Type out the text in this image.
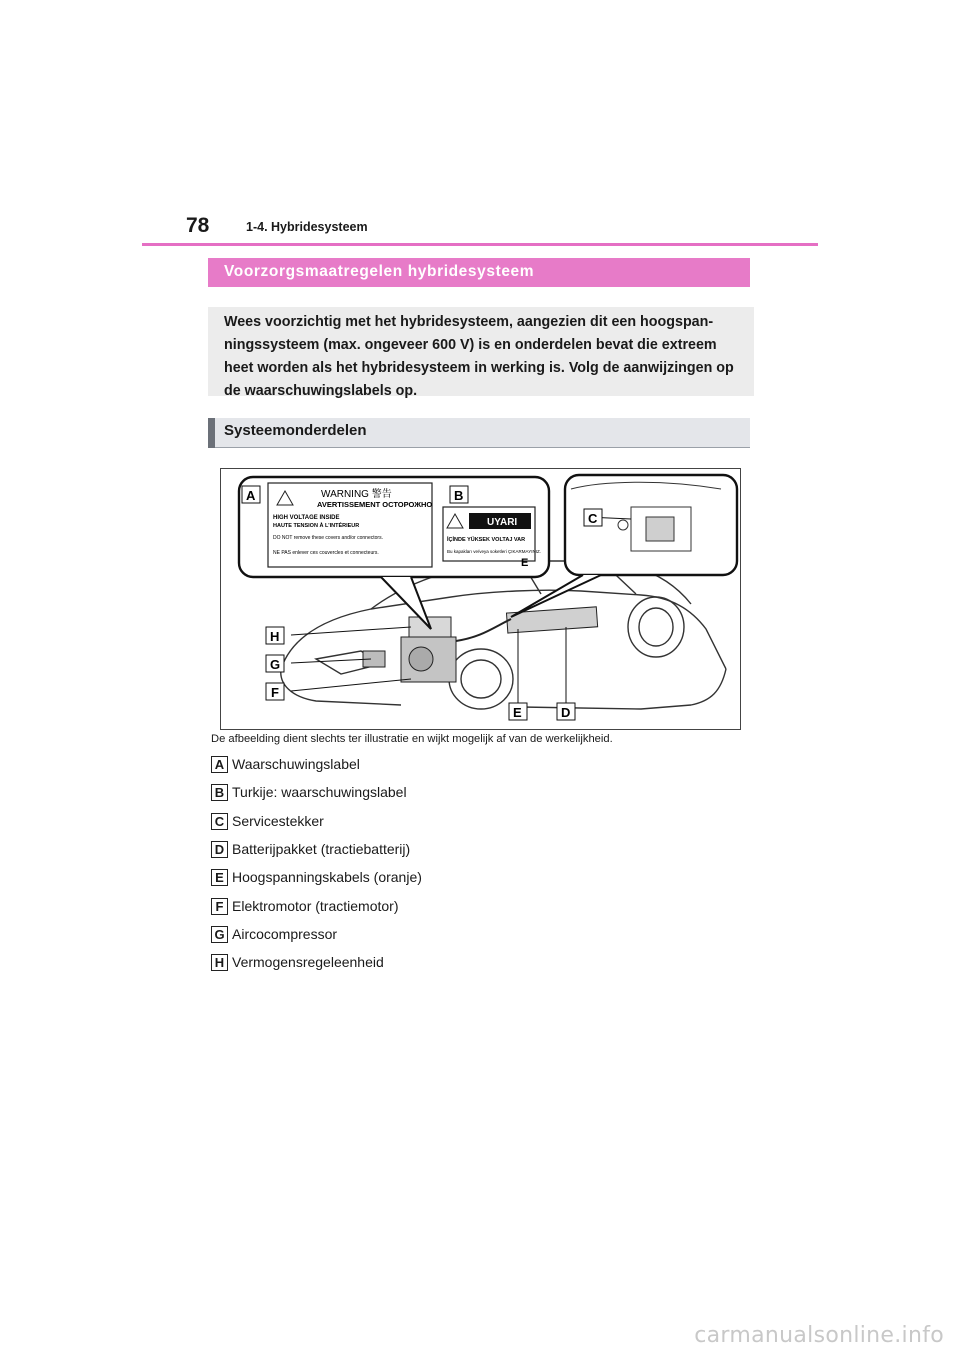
78	1-4. Hybridesysteem
Voorzorgsmaatregelen hybridesysteem

Wees voorzichtig met het hybridesysteem, aangezien dit een hoogspan-ningssysteem (max. ongeveer 600 V) is en onderdelen bevat die extreem heet worden als het hybridesysteem in werking is. Volg de aanwijzingen op de waarschuwingslabels op.

Systeemonderdelen
WARNING 警告
AVERTISSEMENT ОСТОРОЖНО
HIGH VOLTAGE INSIDE
HAUTE TENSION À L'INTÉRIEUR
DO NOT remove these covers and/or connectors.
NE PAS enlever ces couvercles et connecteurs.
UYARI
İÇİNDE YÜKSEK VOLTAJ VAR
Bu kapakları ve/veya soketleri ÇIKARMAYINIZ.
A	B
C
D
E
E
F
G
H
De afbeelding dient slechts ter illustratie en wijkt mogelijk af van de werkelijkheid.
A Waarschuwingslabel
B Turkije: waarschuwingslabel
C Servicestekker
D Batterijpakket (tractiebatterij)
E Hoogspanningskabels (oranje)
F Elektromotor (tractiemotor)
G Aircocompressor
H Vermogensregeleenheid
carmanualsonline.info
